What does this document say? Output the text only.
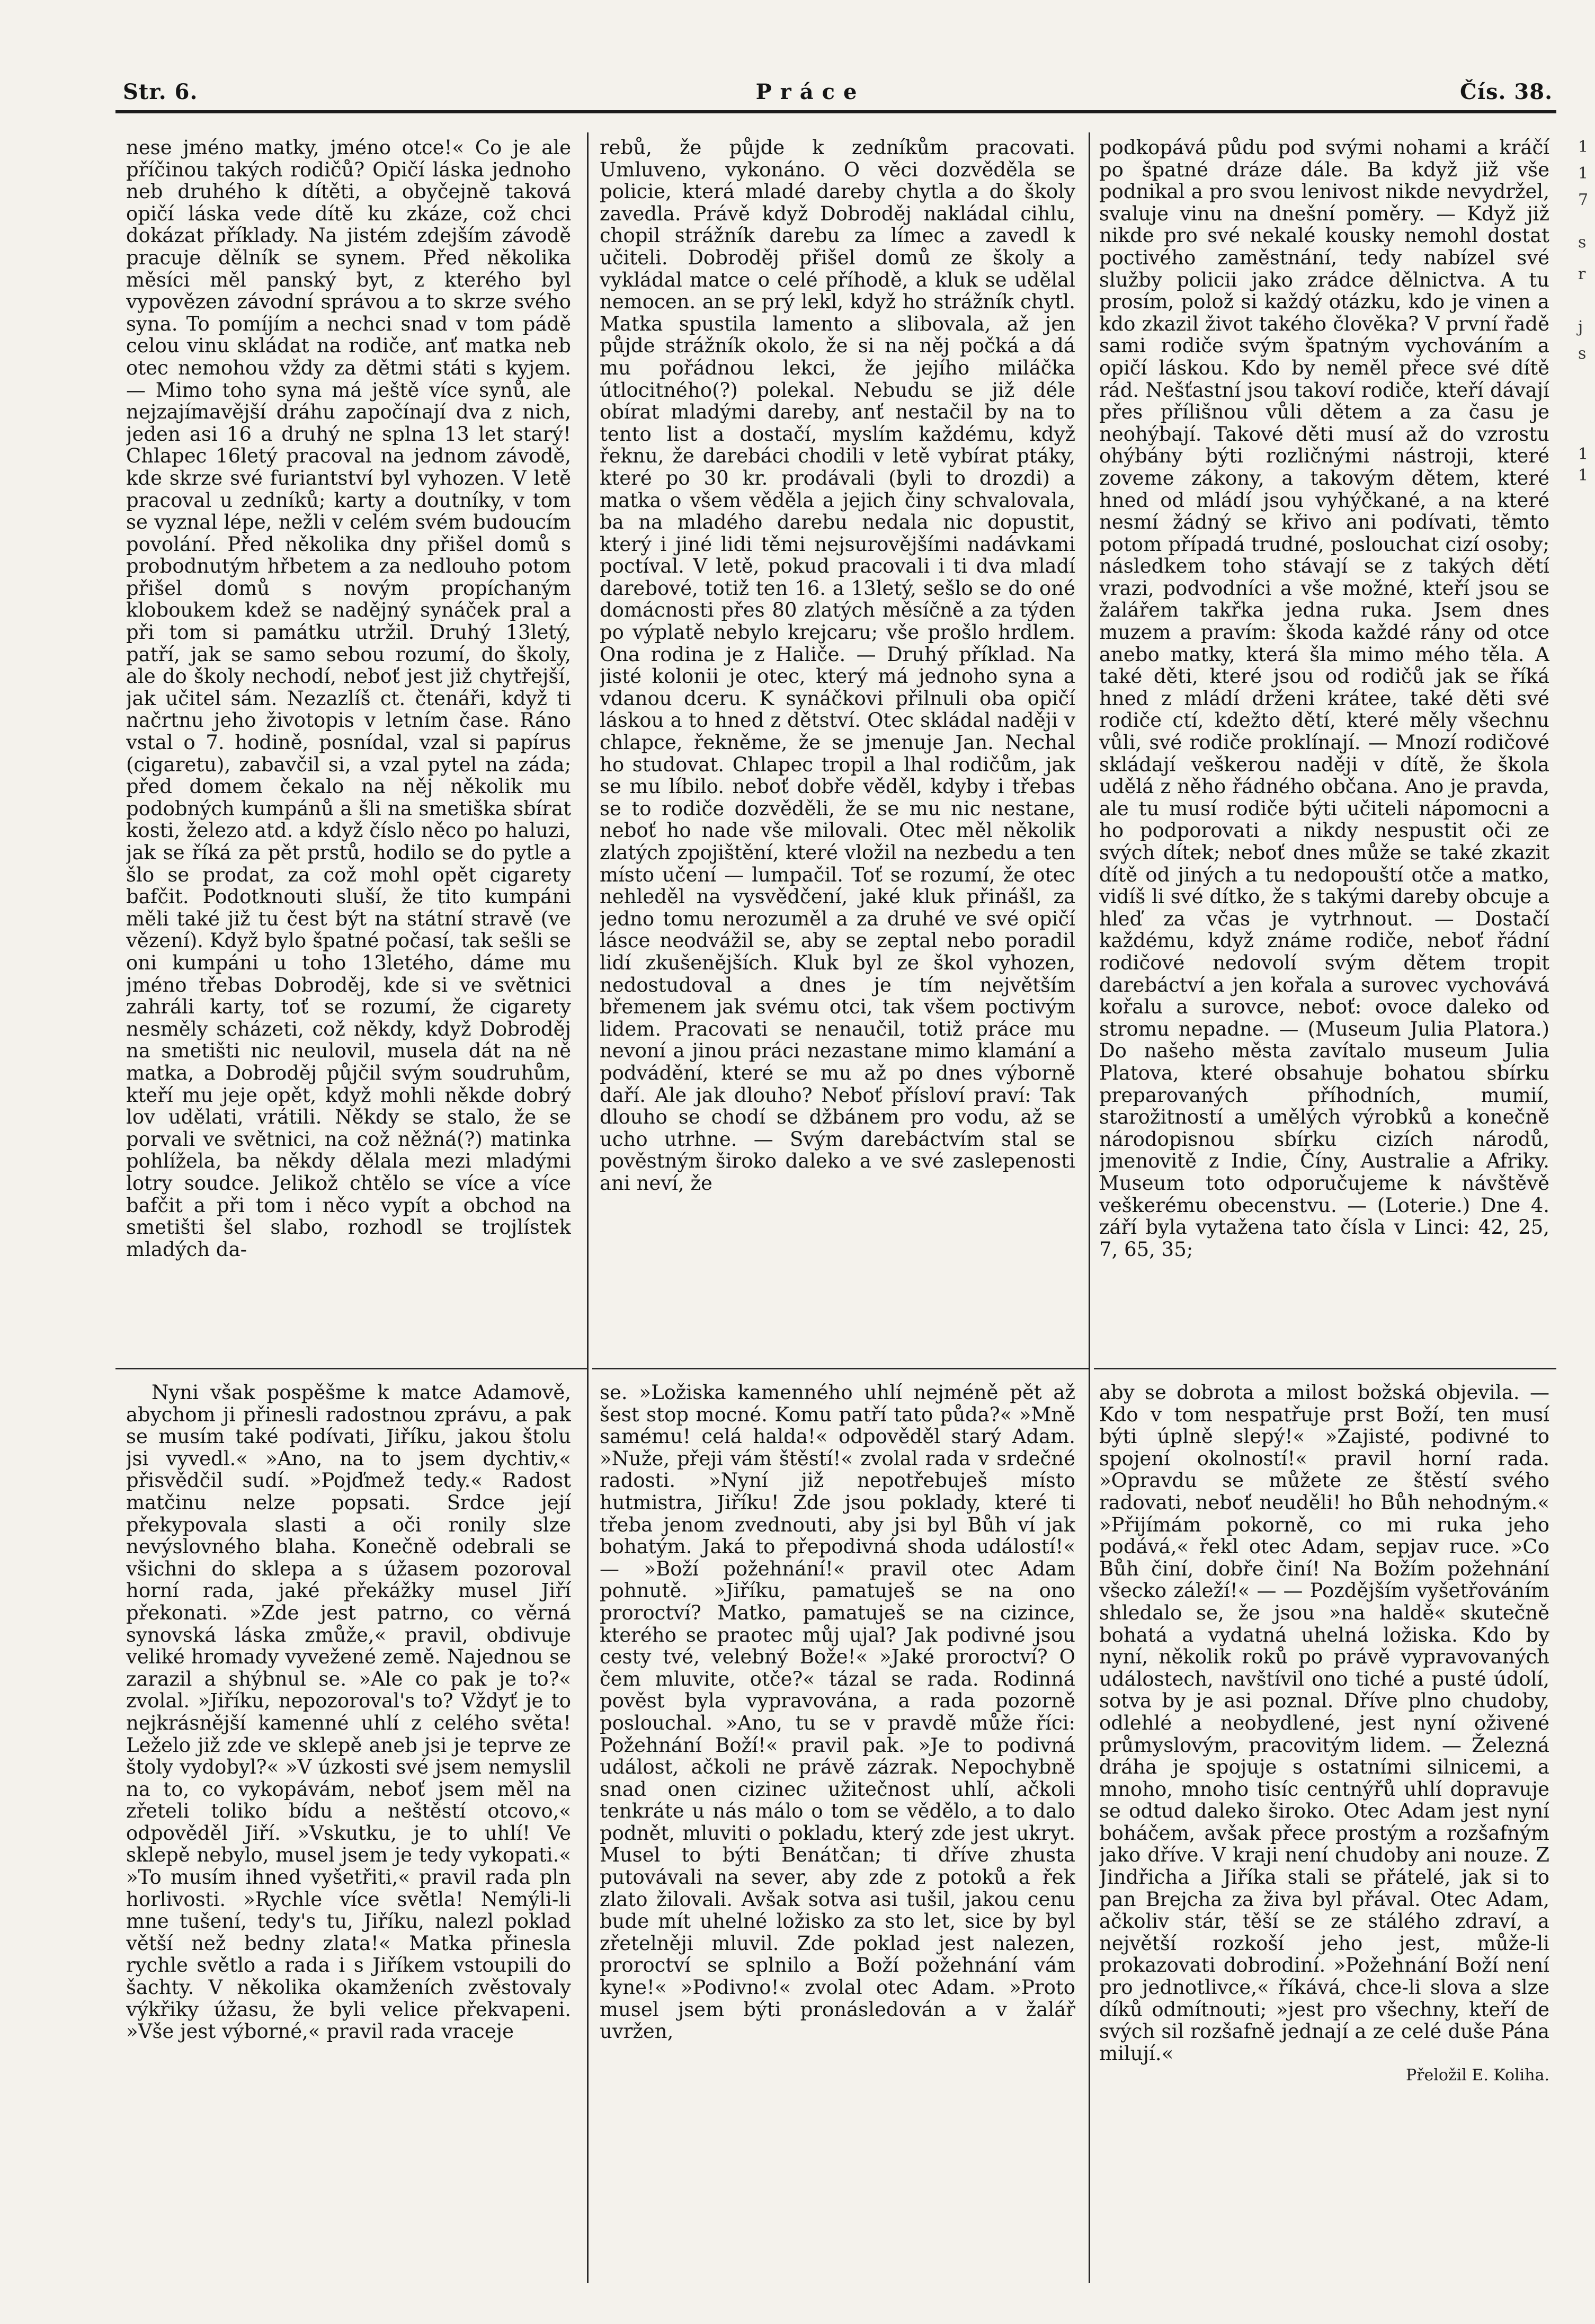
Str. 6.	Práce	Čís. 38.

nese jméno matky, jméno otce!« Co je ale příčinou takých rodičů? Opičí láska jednoho neb druhého k dítěti, a obyčejně taková opičí láska vede dítě ku zkáze, což chci dokázat příklady. Na jistém zdejším závodě pracuje dělník se synem. Před několika měsíci měl panský byt, z kterého byl vypovězen závodní správou a to skrze svého syna. To pomíjím a nechci snad v tom pádě celou vinu skládat na rodiče, anť matka neb otec nemohou vždy za dětmi státi s kyjem. — Mimo toho syna má ještě více synů, ale nejzajímavější dráhu započínají dva z nich, jeden asi 16 a druhý ne splna 13 let starý! Chlapec 16letý pracoval na jednom závodě, kde skrze své furiantství byl vyhozen. V letě pracoval u zedníků; karty a doutníky, v tom se vyznal lépe, nežli v celém svém budoucím povolání. Před několika dny přišel domů s probodnutým hřbetem a za nedlouho potom přišel domů s novým propíchaným kloboukem kdež se nadějný synáček pral a při tom si památku utržil. Druhý 13letý, patří, jak se samo sebou rozumí, do školy, ale do školy nechodí, neboť jest již chytřejší, jak učitel sám. Nezazlíš ct. čtenáři, když ti načrtnu jeho životopis v letním čase. Ráno vstal o 7. hodině, posnídal, vzal si papírus (cigaretu), zabavčil si, a vzal pytel na záda; před domem čekalo na něj několik mu podobných kumpánů a šli na smetiška sbírat kosti, železo atd. a když číslo něco po haluzi, jak se říká za pět prstů, hodilo se do pytle a šlo se prodat, za což mohl opět cigarety bafčit. Podotknouti sluší, že tito kumpáni měli také již tu čest být na státní stravě (ve vězení). Když bylo špatné počasí, tak sešli se oni kumpáni u toho 13letého, dáme mu jméno třebas Dobroděj, kde si ve světnici zahráli karty, toť se rozumí, že cigarety nesměly scházeti, což někdy, když Dobroděj na smetišti nic neulovil, musela dát na ně matka, a Dobroděj půjčil svým soudruhům, kteří mu jeje opět, když mohli někde dobrý lov udělati, vrátili. Někdy se stalo, že se porvali ve světnici, na což něžná(?) matinka pohlížela, ba někdy dělala mezi mladými lotry soudce. Jelikož chtělo se více a více bafčit a při tom i něco vypít a obchod na smetišti šel slabo, rozhodl se trojlístek mladých da-

rebů, že půjde k zedníkům pracovati. Umluveno, vykonáno. O věci dozvěděla se policie, která mladé dareby chytla a do školy zavedla. Právě když Dobroděj nakládal cihlu, chopil strážník darebu za límec a zavedl k učiteli. Dobroděj přišel domů ze školy a vykládal matce o celé příhodě, a kluk se udělal nemocen. an se prý lekl, když ho strážník chytl. Matka spustila lamento a slibovala, až jen půjde strážník okolo, že si na něj počká a dá mu pořádnou lekci, že jejího miláčka útlocitného(?) polekal. Nebudu se již déle obírat mladými dareby, anť nestačil by na to tento list a dostačí, myslím každému, když řeknu, že darebáci chodili v letě vybírat ptáky, které po 30 kr. prodávali (byli to drozdi) a matka o všem věděla a jejich činy schvalovala, ba na mladého darebu nedala nic dopustit, který i jiné lidi těmi nejsurovějšími nadávkami poctíval. V letě, pokud pracovali i ti dva mladí darebové, totiž ten 16. a 13letý, sešlo se do oné domácnosti přes 80 zlatých měsíčně a za týden po výplatě nebylo krejcaru; vše prošlo hrdlem. Ona rodina je z Haliče. — Druhý příklad. Na jisté kolonii je otec, který má jednoho syna a vdanou dceru. K synáčkovi přilnuli oba opičí láskou a to hned z dětství. Otec skládal naději v chlapce, řekněme, že se jmenuje Jan. Nechal ho studovat. Chlapec tropil a lhal rodičům, jak se mu líbilo. neboť dobře věděl, kdyby i třebas se to rodiče dozvěděli, že se mu nic nestane, neboť ho nade vše milovali. Otec měl několik zlatých zpojištění, které vložil na nezbedu a ten místo učení — lumpačil. Toť se rozumí, že otec nehleděl na vysvědčení, jaké kluk přinášl, za jedno tomu nerozuměl a za druhé ve své opičí lásce neodvážil se, aby se zeptal nebo poradil lidí zkušenějších. Kluk byl ze škol vyhozen, nedostudoval a dnes je tím největším břemenem jak svému otci, tak všem poctivým lidem. Pracovati se nenaučil, totiž práce mu nevoní a jinou práci nezastane mimo klamání a podvádění, které se mu až po dnes výborně daří. Ale jak dlouho? Neboť přísloví praví: Tak dlouho se chodí se džbánem pro vodu, až se ucho utrhne. — Svým darebáctvím stal se pověstným široko daleko a ve své zaslepenosti ani neví, že

podkopává půdu pod svými nohami a kráčí po špatné dráze dále. Ba když již vše podnikal a pro svou lenivost nikde nevydržel, svaluje vinu na dnešní poměry. — Když již nikde pro své nekalé kousky nemohl dostat poctivého zaměstnání, tedy nabízel své služby policii jako zrádce dělnictva. A tu prosím, polož si každý otázku, kdo je vinen a kdo zkazil život takého člověka? V první řadě sami rodiče svým špatným vychováním a opičí láskou. Kdo by neměl přece své dítě rád. Nešťastní jsou takoví rodiče, kteří dávají přes přílišnou vůli dětem a za času je neohýbají. Takové děti musí až do vzrostu ohýbány býti rozličnými nástroji, které zoveme zákony, a takovým dětem, které hned od mládí jsou vyhýčkané, a na které nesmí žádný se křivo ani podívati, těmto potom případá trudné, poslouchat cizí osoby; následkem toho stávají se z takých dětí vrazi, podvodníci a vše možné, kteří jsou se žalářem takřka jedna ruka. Jsem dnes muzem a pravím: škoda každé rány od otce anebo matky, která šla mimo mého těla. A také děti, které jsou od rodičů jak se říká hned z mládí drženi krátee, také děti své rodiče ctí, kdežto dětí, které měly všechnu vůli, své rodiče proklínají. — Mnozí rodičové skládají veškerou naději v dítě, že škola udělá z něho řádného občana. Ano je pravda, ale tu musí rodiče býti učiteli nápomocni a ho podporovati a nikdy nespustit oči ze svých dítek; neboť dnes může se také zkazit dítě od jiných a tu nedopouští otče a matko, vidíš li své dítko, že s takými dareby obcuje a hleď za včas je vytrhnout. — Dostačí každému, když známe rodiče, neboť řádní rodičové nedovolí svým dětem tropit darebáctví a jen kořala a surovec vychovává kořalu a surovce, neboť: ovoce daleko od stromu nepadne. — (Museum Julia Platora.) Do našeho města zavítalo museum Julia Platova, které obsahuje bohatou sbírku preparovaných příhodních, mumií, starožitností a umělých výrobků a konečně národopisnou sbírku cizích národů, jmenovitě z Indie, Číny, Australie a Afriky. Museum toto odporučujeme k návštěvě veškerému obecenstvu. — (Loterie.) Dne 4. září byla vytažena tato čísla v Linci: 42, 25, 7, 65, 35;

Nyni však pospěšme k matce Adamově, abychom ji přinesli radostnou zprávu, a pak se musím také podívati, Jiříku, jakou štolu jsi vyvedl.« »Ano, na to jsem dychtiv,« přisvědčil sudí. »Pojďmež tedy.« Radost matčinu nelze popsati. Srdce její překypovala slasti a oči ronily slze nevýslovného blaha. Konečně odebrali se všichni do sklepa a s úžasem pozoroval horní rada, jaké překážky musel Jiří překonati. »Zde jest patrno, co věrná synovská láska zmůže,« pravil, obdivuje veliké hromady vyvežené země. Najednou se zarazil a shýbnul se. »Ale co pak je to?« zvolal. »Jiříku, nepozoroval's to? Vždyť je to nejkrásnější kamenné uhlí z celého světa! Leželo již zde ve sklepě aneb jsi je teprve ze štoly vydobyl?« »V úzkosti své jsem nemyslil na to, co vykopávám, neboť jsem měl na zřeteli toliko bídu a neštěstí otcovo,« odpověděl Jiří. »Vskutku, je to uhlí! Ve sklepě nebylo, musel jsem je tedy vykopati.« »To musím ihned vyšetřiti,« pravil rada pln horlivosti. »Rychle více světla! Nemýli-li mne tušení, tedy's tu, Jiříku, nalezl poklad větší než bedny zlata!« Matka přinesla rychle světlo a rada i s Jiříkem vstoupili do šachty. V několika okamženích zvěstovaly výkřiky úžasu, že byli velice překvapeni. »Vše jest výborné,« pravil rada vraceje

se. »Ložiska kamenného uhlí nejméně pět až šest stop mocné. Komu patří tato půda?« »Mně samému! celá halda!« odpověděl starý Adam. »Nuže, přeji vám štěstí!« zvolal rada v srdečné radosti. »Nyní již nepotřebuješ místo hutmistra, Jiříku! Zde jsou poklady, které ti třeba jenom zvednouti, aby jsi byl Bůh ví jak bohatým. Jaká to přepodivná shoda událostí!« — »Boží požehnání!« pravil otec Adam pohnutě. »Jiříku, pamatuješ se na ono proroctví? Matko, pamatuješ se na cizince, kterého se praotec můj ujal? Jak podivné jsou cesty tvé, velebný Bože!« »Jaké proroctví? O čem mluvite, otče?« tázal se rada. Rodinná pověst byla vypravována, a rada pozorně poslouchal. »Ano, tu se v pravdě může říci: Požehnání Boží!« pravil pak. »Je to podivná událost, ačkoli ne právě zázrak. Nepochybně snad onen cizinec užitečnost uhlí, ačkoli tenkráte u nás málo o tom se vědělo, a to dalo podnět, mluviti o pokladu, který zde jest ukryt. Musel to býti Benátčan; ti dříve zhusta putovávali na sever, aby zde z potoků a řek zlato žilovali. Avšak sotva asi tušil, jakou cenu bude mít uhelné ložisko za sto let, sice by byl zřetelněji mluvil. Zde poklad jest nalezen, proroctví se splnilo a Boží požehnání vám kyne!« »Podivno!« zvolal otec Adam. »Proto musel jsem býti pronásledován a v žalář uvržen,

aby se dobrota a milost božská objevila. — Kdo v tom nespatřuje prst Boží, ten musí býti úplně slepý!« »Zajisté, podivné to spojení okolností!« pravil horní rada. »Opravdu se můžete ze štěstí svého radovati, neboť neuděli! ho Bůh nehodným.« »Přijímám pokorně, co mi ruka jeho podává,« řekl otec Adam, sepjav ruce. »Co Bůh činí, dobře činí! Na Božím požehnání všecko záleží!« — — Pozdějším vyšetřováním shledalo se, že jsou »na haldě« skutečně bohatá a vydatná uhelná ložiska. Kdo by nyní, několik roků po právě vypravovaných událostech, navštívil ono tiché a pusté údolí, sotva by je asi poznal. Dříve plno chudoby, odlehlé a neobydlené, jest nyní oživené průmyslovým, pracovitým lidem. — Železná dráha je spojuje s ostatními silnicemi, a mnoho, mnoho tisíc centnýřů uhlí dopravuje se odtud daleko široko. Otec Adam jest nyní boháčem, avšak přece prostým a rozšafným jako dříve. V kraji není chudoby ani nouze. Z Jindřicha a Jiříka stali se přátelé, jak si to pan Brejcha za živa byl přával. Otec Adam, ačkoliv stár, těší se ze stálého zdraví, a největší rozkoší jeho jest, může-li prokazovati dobrodiní. »Požehnání Boží není pro jednotlivce,« říkává, chce-li slova a slze díků odmítnouti; »jest pro všechny, kteří de svých sil rozšafně jednají a ze celé duše Pána milují.«

Přeložil E. Koliha.
1
1
7
s
r
j
s
1
1
